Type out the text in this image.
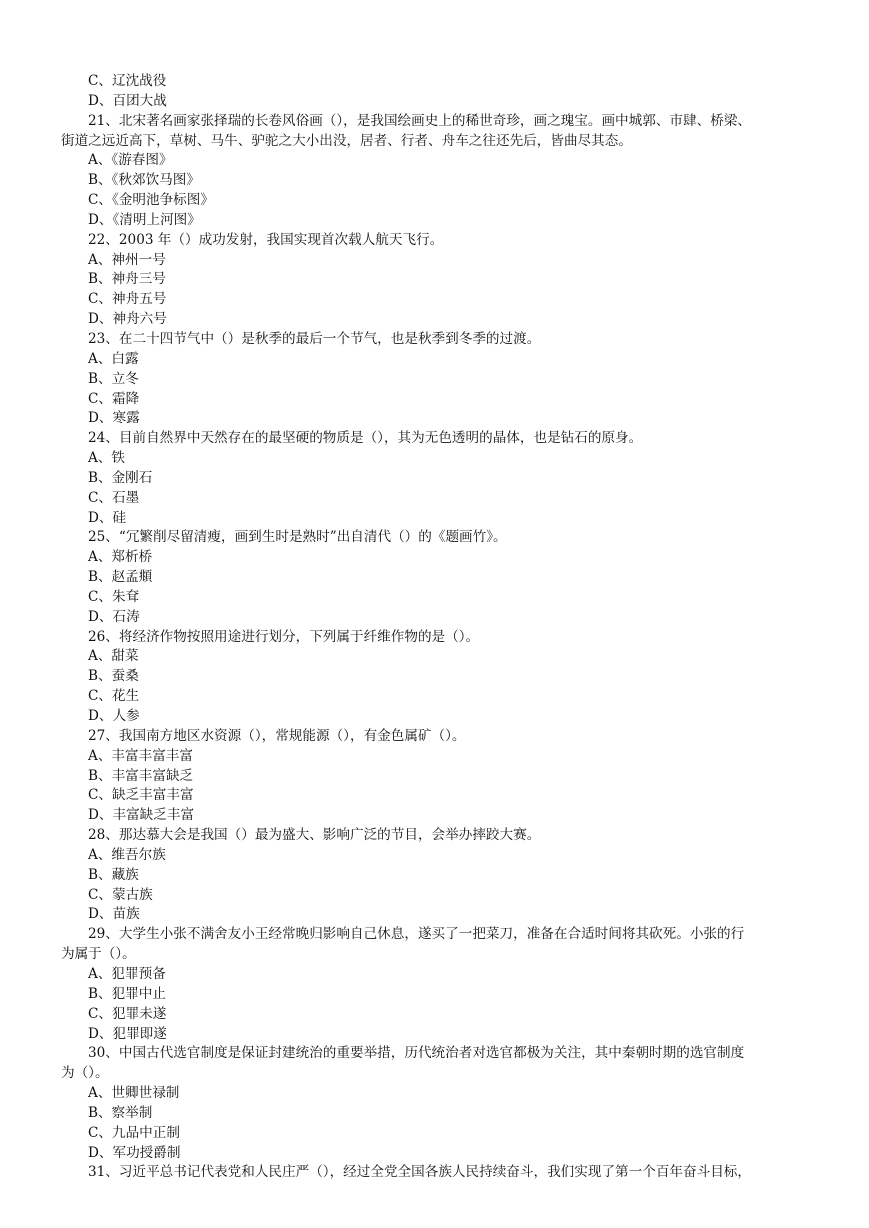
C、辽沈战役
D、百团大战
21、北宋著名画家张择瑞的长卷风俗画（），是我国绘画史上的稀世奇珍，画之瑰宝。画中城郭、市肆、桥梁、
街道之远近高下，草树、马牛、驴驼之大小出没，居者、行者、舟车之往还先后，皆曲尽其态。
A、《游春图》
B、《秋郊饮马图》
C、《金明池争标图》
D、《清明上河图》
22、2003 年（）成功发射，我国实现首次载人航天飞行。
A、神州一号
B、神舟三号
C、神舟五号
D、神舟六号
23、在二十四节气中（）是秋季的最后一个节气，也是秋季到冬季的过渡。
A、白露
B、立冬
C、霜降
D、寒露
24、目前自然界中天然存在的最坚硬的物质是（），其为无色透明的晶体，也是钻石的原身。
A、铁
B、金刚石
C、石墨
D、硅
25、“冗繁削尽留清瘦，画到生时是熟时”出自清代（）的《题画竹》。
A、郑析桥
B、赵孟頫
C、朱耷
D、石涛
26、将经济作物按照用途进行划分，下列属于纤维作物的是（）。
A、甜菜
B、蚕桑
C、花生
D、人参
27、我国南方地区水资源（），常规能源（），有金色属矿（）。
A、丰富丰富丰富
B、丰富丰富缺乏
C、缺乏丰富丰富
D、丰富缺乏丰富
28、那达慕大会是我国（）最为盛大、影响广泛的节目，会举办摔跤大赛。
A、维吾尔族
B、藏族
C、蒙古族
D、苗族
29、大学生小张不满舍友小王经常晚归影响自己休息，遂买了一把菜刀，准备在合适时间将其砍死。小张的行
为属于（）。
A、犯罪预备
B、犯罪中止
C、犯罪未遂
D、犯罪即遂
30、中国古代选官制度是保证封建统治的重要举措，历代统治者对选官都极为关注，其中秦朝时期的选官制度
为（）。
A、世卿世禄制
B、察举制
C、九品中正制
D、军功授爵制
31、习近平总书记代表党和人民庄严（），经过全党全国各族人民持续奋斗，我们实现了第一个百年奋斗目标，
